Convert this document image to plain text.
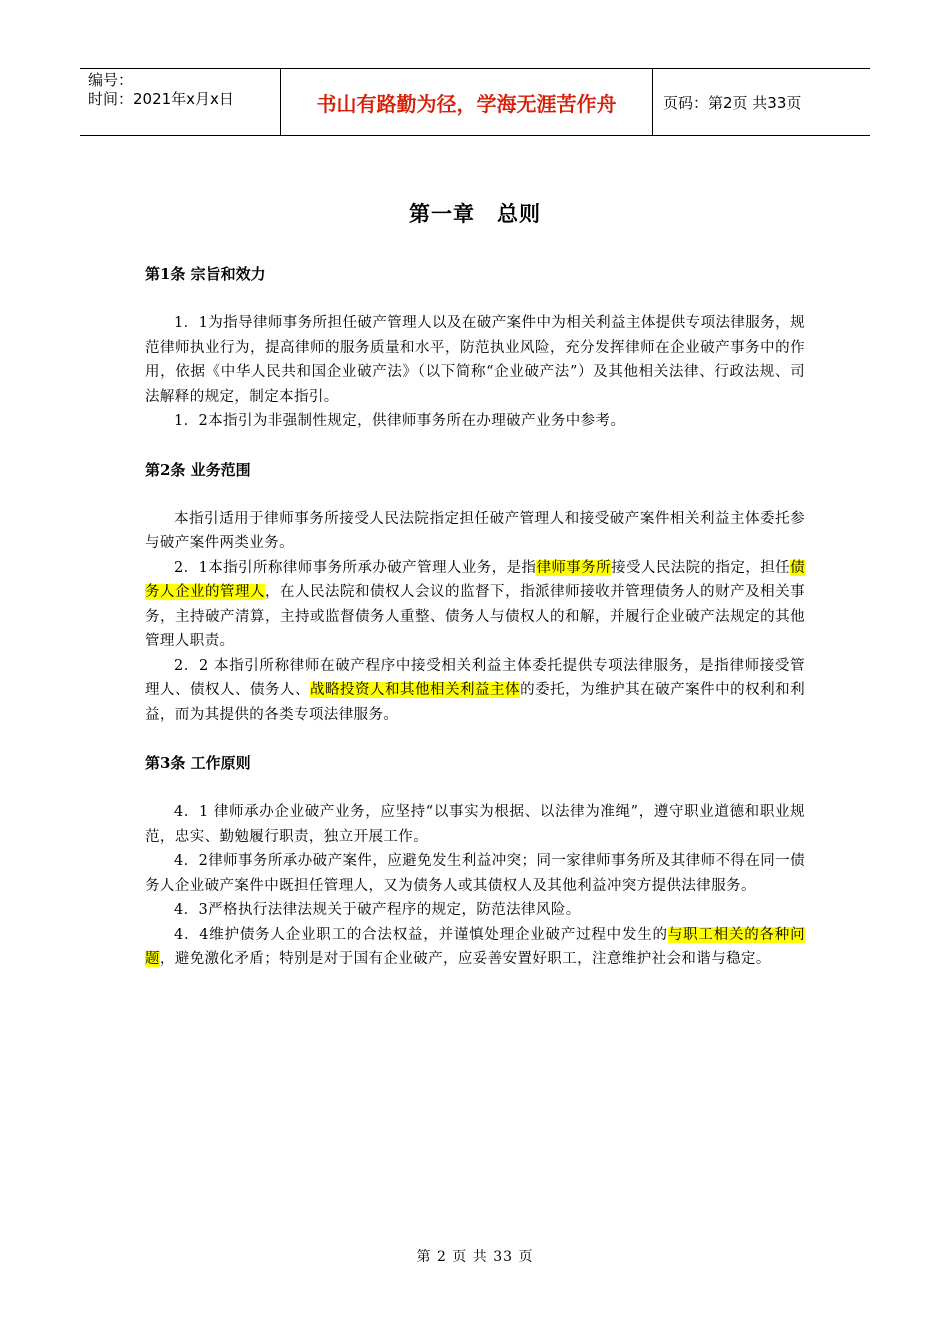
编号：
时间：2021年x月x日	书山有路勤为径，学海无涯苦作舟	页码：第2页 共33页
第一章　总则

第1条 宗旨和效力

1．1为指导律师事务所担任破产管理人以及在破产案件中为相关利益主体提供专项法律服务，规范律师执业行为，提高律师的服务质量和水平，防范执业风险，充分发挥律师在企业破产事务中的作用，依据《中华人民共和国企业破产法》（以下简称“企业破产法”）及其他相关法律、行政法规、司法解释的规定，制定本指引。

1．2本指引为非强制性规定，供律师事务所在办理破产业务中参考。

第2条 业务范围

本指引适用于律师事务所接受人民法院指定担任破产管理人和接受破产案件相关利益主体委托参与破产案件两类业务。

2．1本指引所称律师事务所承办破产管理人业务，是指律师事务所接受人民法院的指定，担任债务人企业的管理人，在人民法院和债权人会议的监督下，指派律师接收并管理债务人的财产及相关事务，主持破产清算，主持或监督债务人重整、债务人与债权人的和解，并履行企业破产法规定的其他管理人职责。

2．2 本指引所称律师在破产程序中接受相关利益主体委托提供专项法律服务，是指律师接受管理人、债权人、债务人、战略投资人和其他相关利益主体的委托，为维护其在破产案件中的权利和利益，而为其提供的各类专项法律服务。

第3条 工作原则

4．1 律师承办企业破产业务，应坚持“以事实为根据、以法律为准绳”，遵守职业道德和职业规范，忠实、勤勉履行职责，独立开展工作。

4．2律师事务所承办破产案件，应避免发生利益冲突；同一家律师事务所及其律师不得在同一债务人企业破产案件中既担任管理人，又为债务人或其债权人及其他利益冲突方提供法律服务。

4．3严格执行法律法规关于破产程序的规定，防范法律风险。

4．4维护债务人企业职工的合法权益，并谨慎处理企业破产过程中发生的与职工相关的各种问题，避免激化矛盾；特别是对于国有企业破产，应妥善安置好职工，注意维护社会和谐与稳定。

第 2 页 共 33 页
